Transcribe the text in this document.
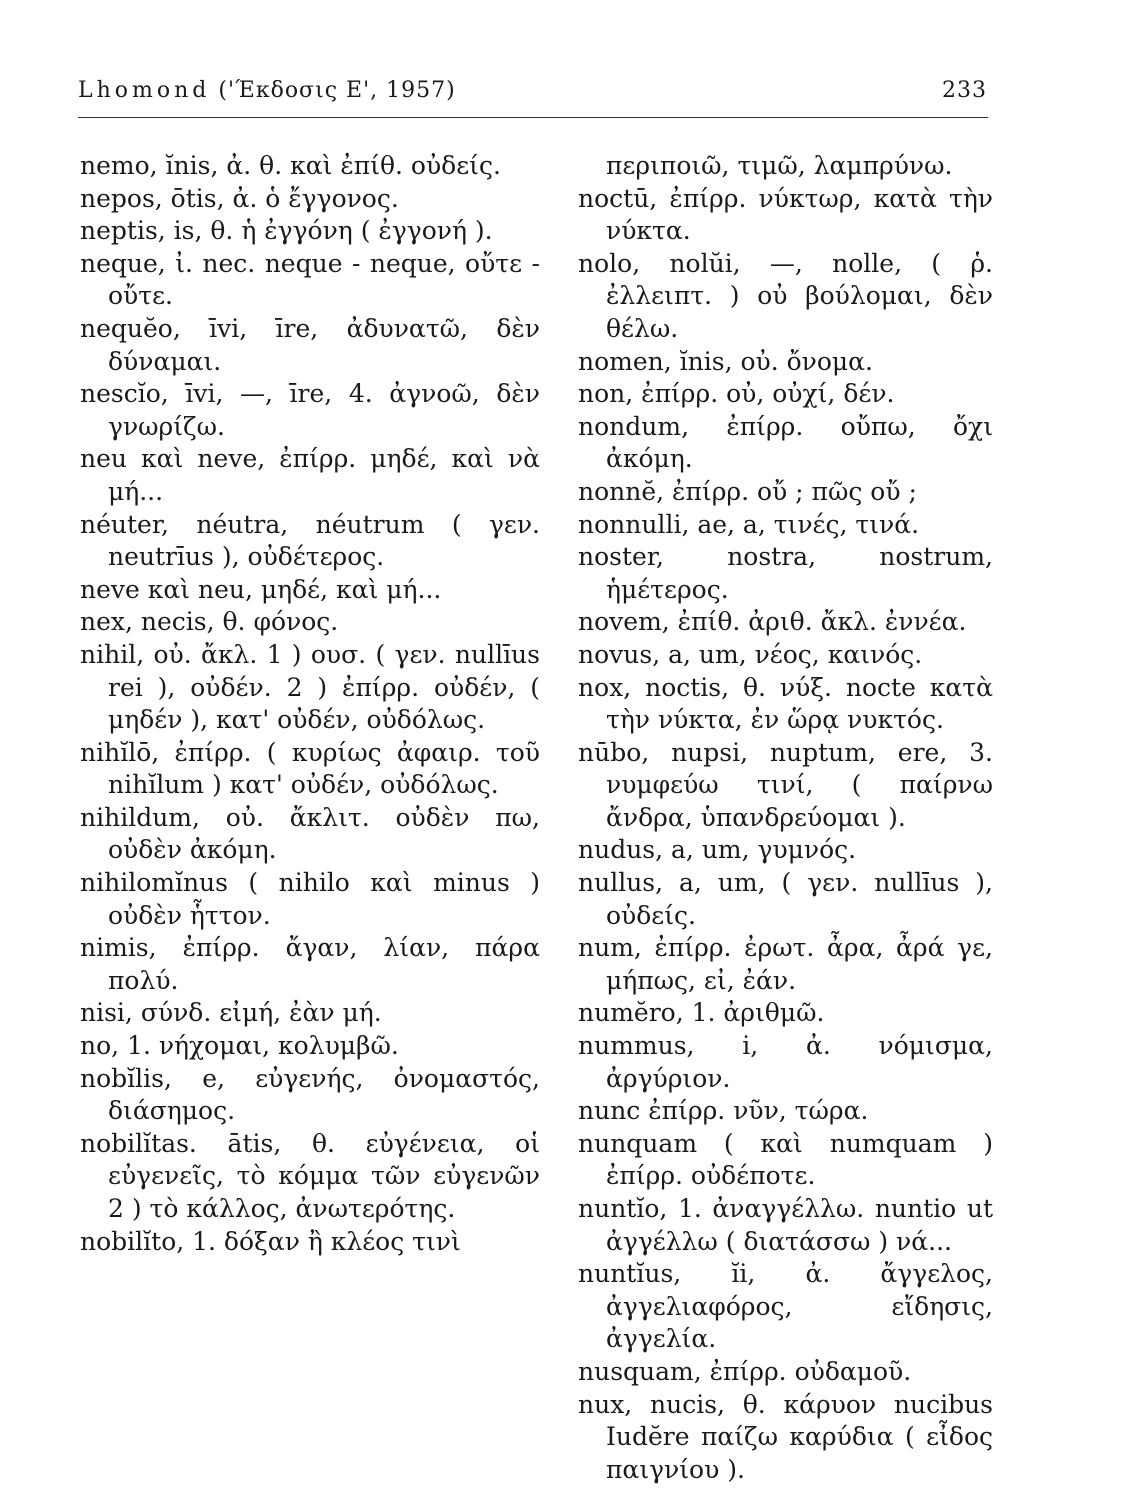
Lhomond ('Έκδοσις Ε', 1957)	233

nemo, ĭnis, ἀ. θ. καὶ ἐπίθ. οὐδείς.

nepos, ōtis, ἀ. ὁ ἔγγονος.

neptis, is, θ. ἡ ἐγγόνη ( ἐγγονή ).

neque, ἰ. nec. neque - neque, οὔτε - οὔτε.

nequĕo, īvi, īre, ἀδυνατῶ, δὲν δύναμαι.

nescĭo, īvi, —, īre, 4. ἀγνοῶ, δὲν γνωρίζω.

neu καὶ neve, ἐπίρρ. μηδέ, καὶ νὰ μή...

néuter, néutra, néutrum ( γεν. neutrīus ), οὐδέτερος.

neve καὶ neu, μηδέ, καὶ μή...

nex, necis, θ. φόνος.

nihil, οὐ. ἄκλ. 1 ) ουσ. ( γεν. nullīus rei ), οὐδέν. 2 ) ἐπίρρ. οὐδέν, ( μηδέν ), κατ' οὐδέν, οὐδόλως.

nihĭlō, ἐπίρρ. ( κυρίως ἀφαιρ. τοῦ nihĭlum ) κατ' οὐδέν, οὐδόλως.

nihildum, οὐ. ἄκλιτ. οὐδὲν πω, οὐδὲν ἀκόμη.

nihilomĭnus ( nihilo καὶ minus ) οὐδὲν ἧττον.

nimis, ἐπίρρ. ἄγαν, λίαν, πάρα πολύ.

nisi, σύνδ. εἰμή, ἐὰν μή.

no, 1. νήχομαι, κολυμβῶ.

nobĭlis, e, εὐγενής, ὀνομαστός, διάσημος.

nobilĭtas. ātis, θ. εὐγένεια, οἱ εὐγενεῖς, τὸ κόμμα τῶν εὐγενῶν 2 ) τὸ κάλλος, ἀνωτερότης.

nobilĭto, 1. δόξαν ἢ κλέος τινὶ

περιποιῶ, τιμῶ, λαμπρύνω.

noctū, ἐπίρρ. νύκτωρ, κατὰ τὴν νύκτα.

nolo, nolŭi, —, nolle, ( ῥ. ἐλλειπτ. ) οὐ βούλομαι, δὲν θέλω.

nomen, ĭnis, οὐ. ὄνομα.

non, ἐπίρρ. οὐ, οὐχί, δέν.

nondum, ἐπίρρ. οὔπω, ὄχι ἀκόμη.

nonnĕ, ἐπίρρ. οὔ ; πῶς οὔ ;

nonnulli, ae, a, τινές, τινά.

noster, nostra, nostrum, ἡμέτερος.

novem, ἐπίθ. ἀριθ. ἄκλ. ἐννέα.

novus, a, um, νέος, καινός.

nox, noctis, θ. νύξ. nocte κατὰ τὴν νύκτα, ἐν ὥρᾳ νυκτός.

nūbo, nupsi, nuptum, ere, 3. νυμφεύω τινί, ( παίρνω ἄνδρα, ὑπανδρεύομαι ).

nudus, a, um, γυμνός.

nullus, a, um, ( γεν. nullīus ), οὐδείς.

num, ἐπίρρ. ἐρωτ. ἆρα, ἆρά γε, μήπως, εἰ, ἐάν.

numĕro, 1. ἀριθμῶ.

nummus, i, ἀ. νόμισμα, ἀργύριον.

nunc ἐπίρρ. νῦν, τώρα.

nunquam ( καὶ numquam ) ἐπίρρ. οὐδέποτε.

nuntĭo, 1. ἀναγγέλλω. nuntio ut ἀγγέλλω ( διατάσσω ) νά...

nuntĭus, ĭi, ἀ. ἄγγελος, ἀγγελιαφόρος, εἴδησις, ἀγγελία.

nusquam, ἐπίρρ. οὐδαμοῦ.

nux, nucis, θ. κάρυον nucibus Iudĕre παίζω καρύδια ( εἶδος παιγνίου ).
